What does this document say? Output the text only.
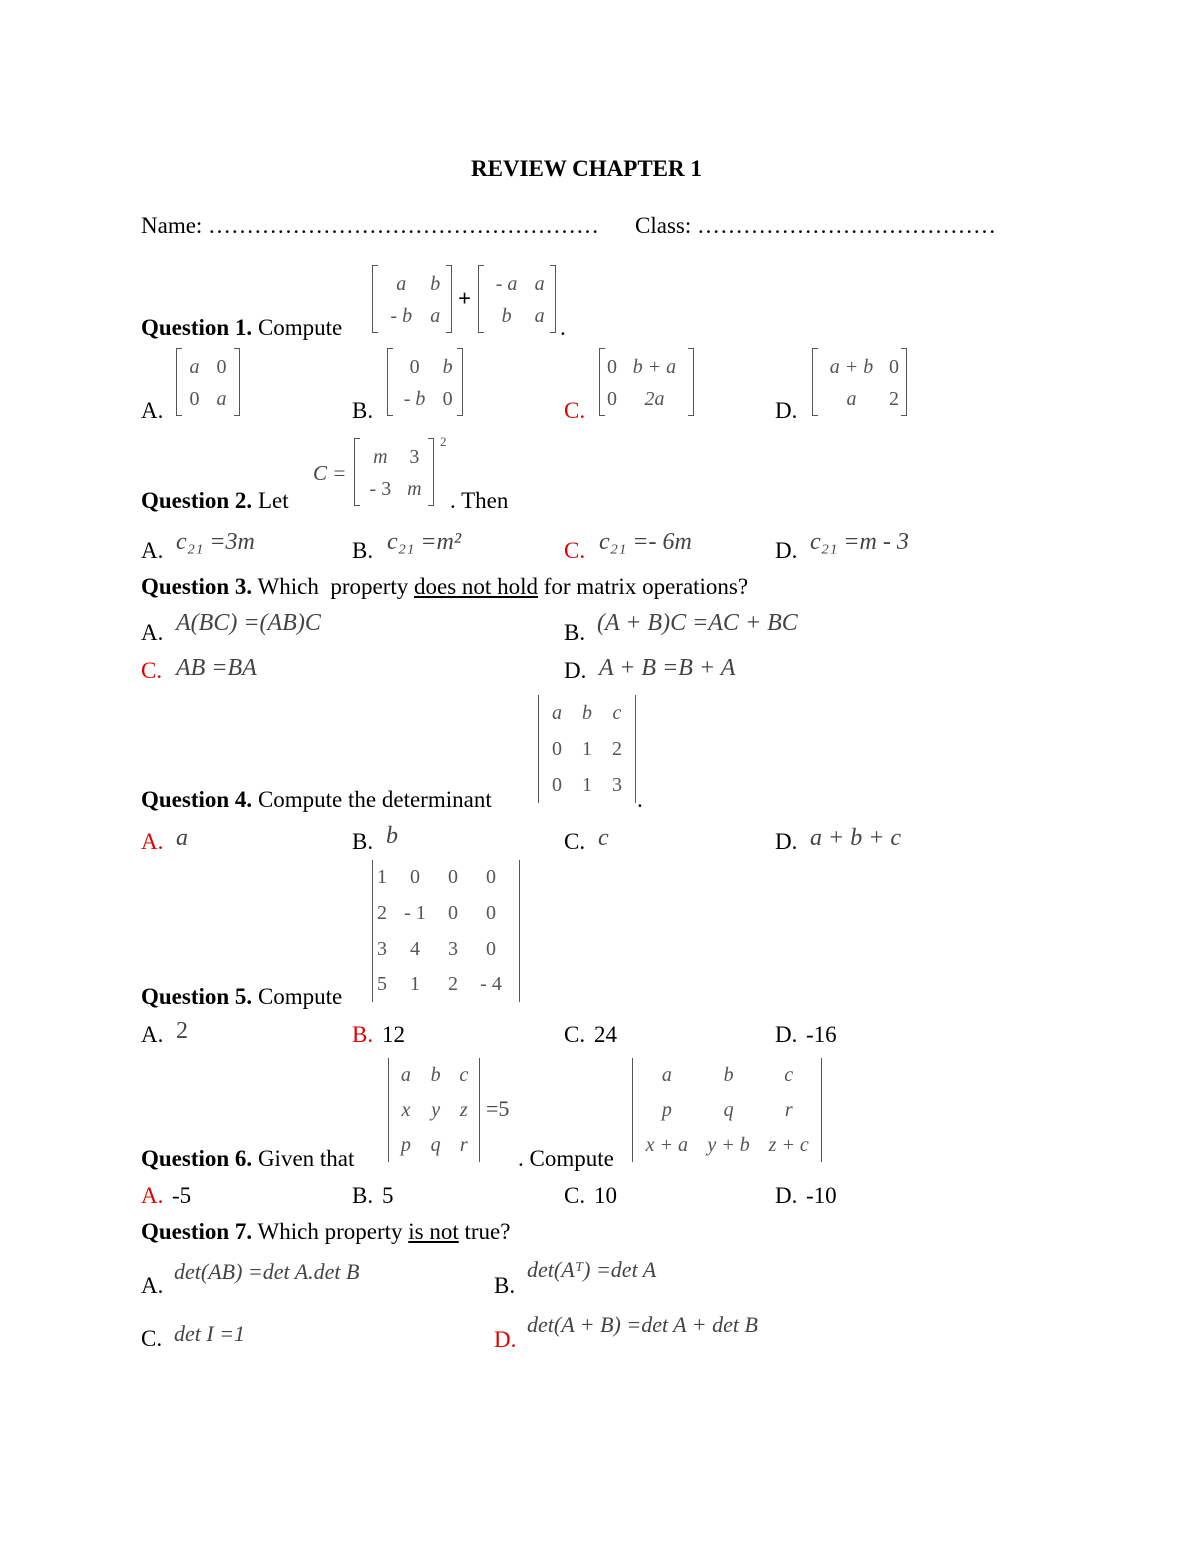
REVIEW CHAPTER 1
Name: …………………………………………… Class: …………………………………
Question 1. Compute
a	b
- b	a
+
- a	a
b	a .
A.
a	0
0	a	B.
0	b
- b	0	C.
0	b + a
0	2a	D.
a + b	0
a	2
Question 2. Let
C =
m	3
- 3	m
2
. Then
A. c₂₁ =3m	B. c₂₁ =m²	C. c₂₁ =- 6m	D. c₂₁ =m - 3
Question 3. Which  property does not hold for matrix operations?
A. A(BC) =(AB)C	B. (A + B)C =AC + BC
C. AB =BA	D. A + B =B + A
Question 4. Compute the determinant
a	b	c
0	1	2
0	1	3
.
A. a	B. b	C. c	D. a + b + c
Question 5. Compute
1	0	0	0
2	- 1	0	0
3	4	3	0
5	1	2	- 4
A. 2	B. 12	C. 24	D. -16
Question 6. Given that
a	b	c
x	y	z
p	q	r
=5
. Compute
a	b	c
p	q	r
x + a	y + b	z + c
A. -5	B. 5	C. 10	D. -10
Question 7. Which property is not true?
A.
det(AB) =det A.det B
B.
det(Aᵀ) =det A
C. det I =1	D.
det(A + B) =det A + det B
